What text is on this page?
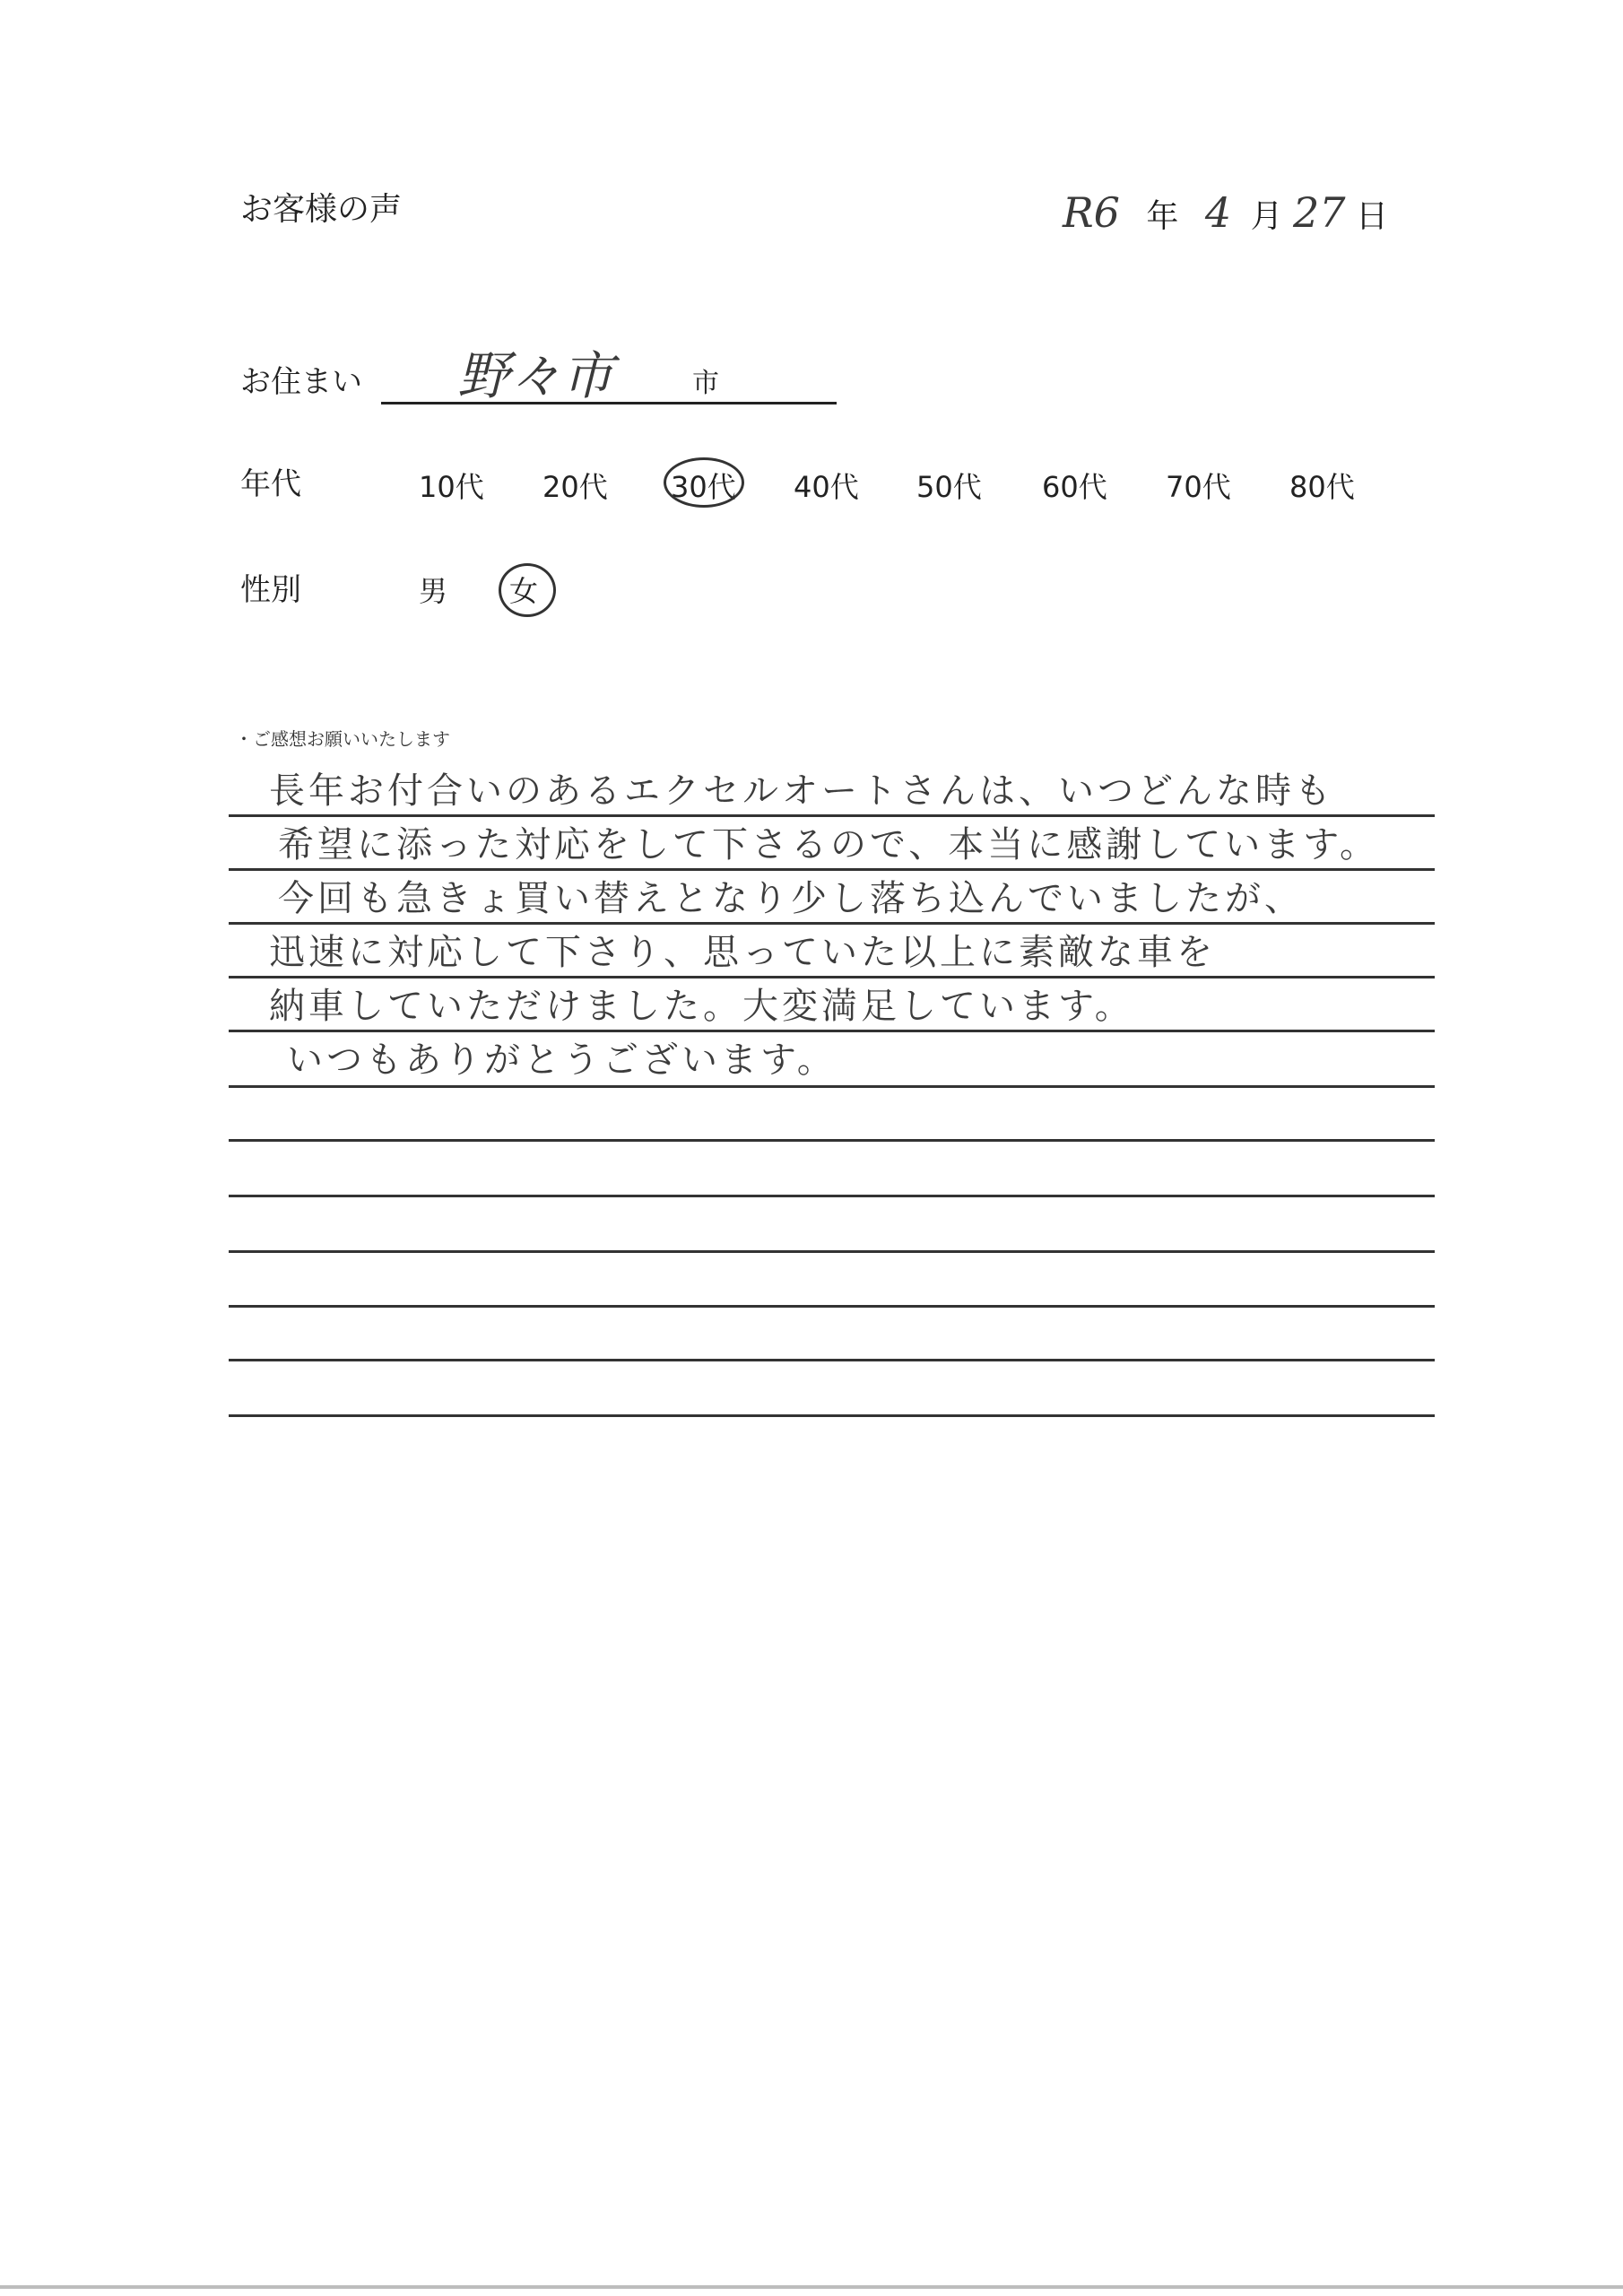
お客様の声	R6 年 4 月 27 日
お住まい 野々市	市
年代	10代 20代 30代 40代 50代 60代 70代 80代
性別	男 女
・ご感想お願いいたします
長年お付合いのあるエクセルオートさんは、いつどんな時も
希望に添った対応をして下さるので、本当に感謝しています。
今回も急きょ買い替えとなり少し落ち込んでいましたが、
迅速に対応して下さり、思っていた以上に素敵な車を
納車していただけました。大変満足しています。
いつもありがとうございます。
